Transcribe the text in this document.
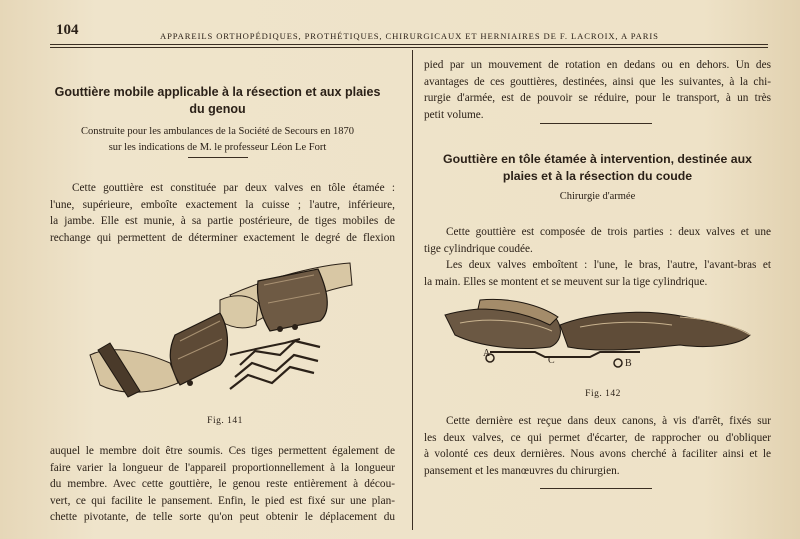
104	APPAREILS ORTHOPÉDIQUES, PROTHÉTIQUES, CHIRURGICAUX ET HERNIAIRES DE F. LACROIX, A PARIS
Gouttière mobile applicable à la résection et aux plaies
du genou
Construite pour les ambulances de la Société de Secours en 1870
sur les indications de M. le professeur Léon Le Fort

Cette gouttière est constituée par deux valves en tôle étamée :
l'une, supérieure, emboîte exactement la cuisse ; l'autre, inférieure,
la jambe. Elle est munie, à sa partie postérieure, de tiges mobiles de
rechange qui permettent de déterminer exactement le degré de flexion

Fig. 141

auquel le membre doit être soumis. Ces tiges permettent également de
faire varier la longueur de l'appareil proportionnellement à la longueur
du membre. Avec cette gouttière, le genou reste entièrement à décou-
vert, ce qui facilite le pansement. Enfin, le pied est fixé sur une plan-
chette pivotante, de telle sorte qu'on peut obtenir le déplacement du

pied par un mouvement de rotation en dedans ou en dehors. Un des
avantages de ces gouttières, destinées, ainsi que les suivantes, à la chi-
rurgie d'armée, est de pouvoir se réduire, pour le transport, à un très
petit volume.

Gouttière en tôle étamée à intervention, destinée aux
plaies et à la résection du coude
Chirurgie d'armée

Cette gouttière est composée de trois parties : deux valves et une
tige cylindrique coudée.
Les deux valves emboîtent : l'une, le bras, l'autre, l'avant-bras et
la main. Elles se montent et se meuvent sur la tige cylindrique.

A
C	B
Fig. 142

Cette dernière est reçue dans deux canons, à vis d'arrêt, fixés sur
les deux valves, ce qui permet d'écarter, de rapprocher ou d'obliquer
à volonté ces deux dernières. Nous avons cherché à faciliter ainsi et le
pansement et les manœuvres du chirurgien.
